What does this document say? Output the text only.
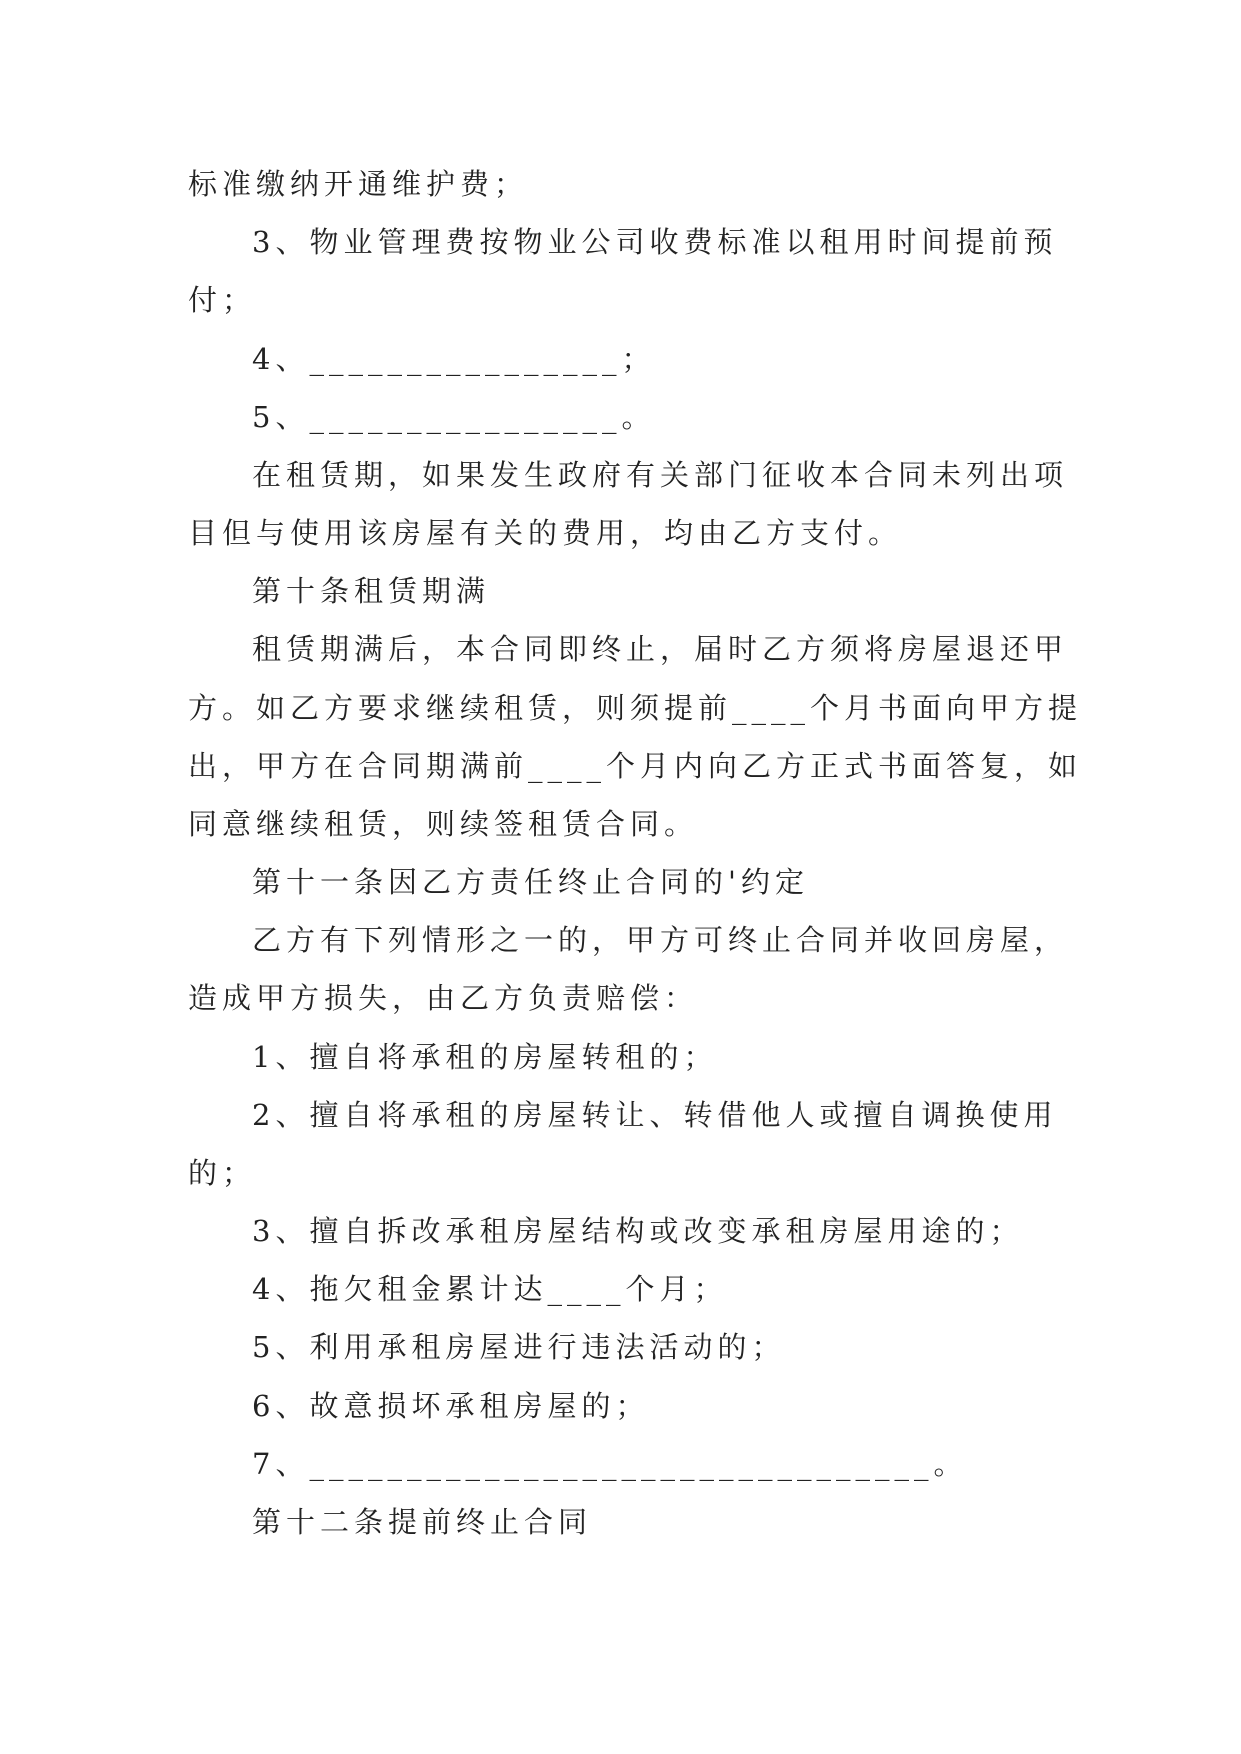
标准缴纳开通维护费；
3、物业管理费按物业公司收费标准以租用时间提前预
付；
4、________________；
5、________________。
在租赁期，如果发生政府有关部门征收本合同未列出项
目但与使用该房屋有关的费用，均由乙方支付。
第十条租赁期满
租赁期满后，本合同即终止，届时乙方须将房屋退还甲
方。如乙方要求继续租赁，则须提前____个月书面向甲方提
出，甲方在合同期满前____个月内向乙方正式书面答复，如
同意继续租赁，则续签租赁合同。
第十一条因乙方责任终止合同的'约定
乙方有下列情形之一的，甲方可终止合同并收回房屋，
造成甲方损失，由乙方负责赔偿：
1、擅自将承租的房屋转租的；
2、擅自将承租的房屋转让、转借他人或擅自调换使用
的；
3、擅自拆改承租房屋结构或改变承租房屋用途的；
4、拖欠租金累计达____个月；
5、利用承租房屋进行违法活动的；
6、故意损坏承租房屋的；
7、________________________________。
第十二条提前终止合同
